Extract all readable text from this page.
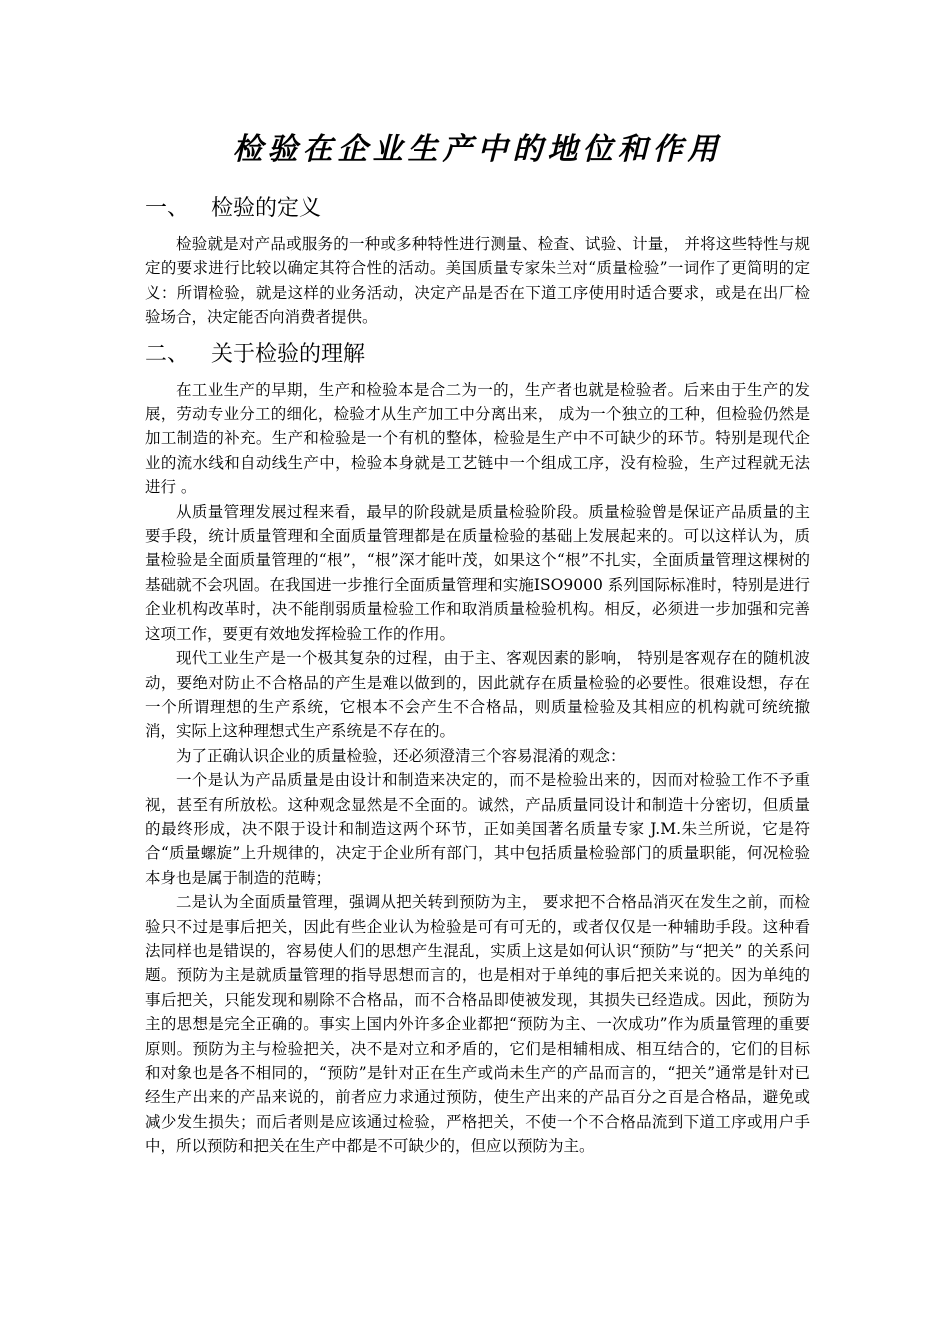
检验在企业生产中的地位和作用
一、 检验的定义

检验就是对产品或服务的一种或多种特性进行测量、检查、试验、计量， 并将这些特性与规定的要求进行比较以确定其符合性的活动。美国质量专家朱兰对“质量检验”一词作了更简明的定义：所谓检验，就是这样的业务活动，决定产品是否在下道工序使用时适合要求，或是在出厂检验场合，决定能否向消费者提供。

二、 关于检验的理解

在工业生产的早期，生产和检验本是合二为一的，生产者也就是检验者。后来由于生产的发展，劳动专业分工的细化，检验才从生产加工中分离出来， 成为一个独立的工种，但检验仍然是加工制造的补充。生产和检验是一个有机的整体，检验是生产中不可缺少的环节。特别是现代企业的流水线和自动线生产中，检验本身就是工艺链中一个组成工序，没有检验，生产过程就无法进行 。

从质量管理发展过程来看，最早的阶段就是质量检验阶段。质量检验曾是保证产品质量的主要手段，统计质量管理和全面质量管理都是在质量检验的基础上发展起来的。可以这样认为，质量检验是全面质量管理的“根”，“根”深才能叶茂，如果这个“根”不扎实，全面质量管理这棵树的基础就不会巩固。在我国进一步推行全面质量管理和实施ISO9000 系列国际标准时，特别是进行企业机构改革时，决不能削弱质量检验工作和取消质量检验机构。相反，必须进一步加强和完善这项工作，要更有效地发挥检验工作的作用。

现代工业生产是一个极其复杂的过程，由于主、客观因素的影响， 特别是客观存在的随机波动，要绝对防止不合格品的产生是难以做到的，因此就存在质量检验的必要性。很难设想，存在一个所谓理想的生产系统，它根本不会产生不合格品，则质量检验及其相应的机构就可统统撤消，实际上这种理想式生产系统是不存在的。

为了正确认识企业的质量检验，还必须澄清三个容易混淆的观念：

一个是认为产品质量是由设计和制造来决定的，而不是检验出来的，因而对检验工作不予重视，甚至有所放松。这种观念显然是不全面的。诚然，产品质量同设计和制造十分密切，但质量的最终形成，决不限于设计和制造这两个环节，正如美国著名质量专家 J.M.朱兰所说，它是符合“质量螺旋”上升规律的，决定于企业所有部门，其中包括质量检验部门的质量职能，何况检验本身也是属于制造的范畴；

二是认为全面质量管理，强调从把关转到预防为主， 要求把不合格品消灭在发生之前，而检验只不过是事后把关，因此有些企业认为检验是可有可无的，或者仅仅是一种辅助手段。这种看法同样也是错误的，容易使人们的思想产生混乱，实质上这是如何认识“预防”与“把关” 的关系问题。预防为主是就质量管理的指导思想而言的，也是相对于单纯的事后把关来说的。因为单纯的事后把关，只能发现和剔除不合格品，而不合格品即使被发现，其损失已经造成。因此，预防为主的思想是完全正确的。事实上国内外许多企业都把“预防为主、一次成功”作为质量管理的重要原则。预防为主与检验把关，决不是对立和矛盾的，它们是相辅相成、相互结合的，它们的目标和对象也是各不相同的，“预防”是针对正在生产或尚未生产的产品而言的，“把关”通常是针对已经生产出来的产品来说的，前者应力求通过预防，使生产出来的产品百分之百是合格品，避免或减少发生损失；而后者则是应该通过检验，严格把关，不使一个不合格品流到下道工序或用户手中，所以预防和把关在生产中都是不可缺少的，但应以预防为主。
